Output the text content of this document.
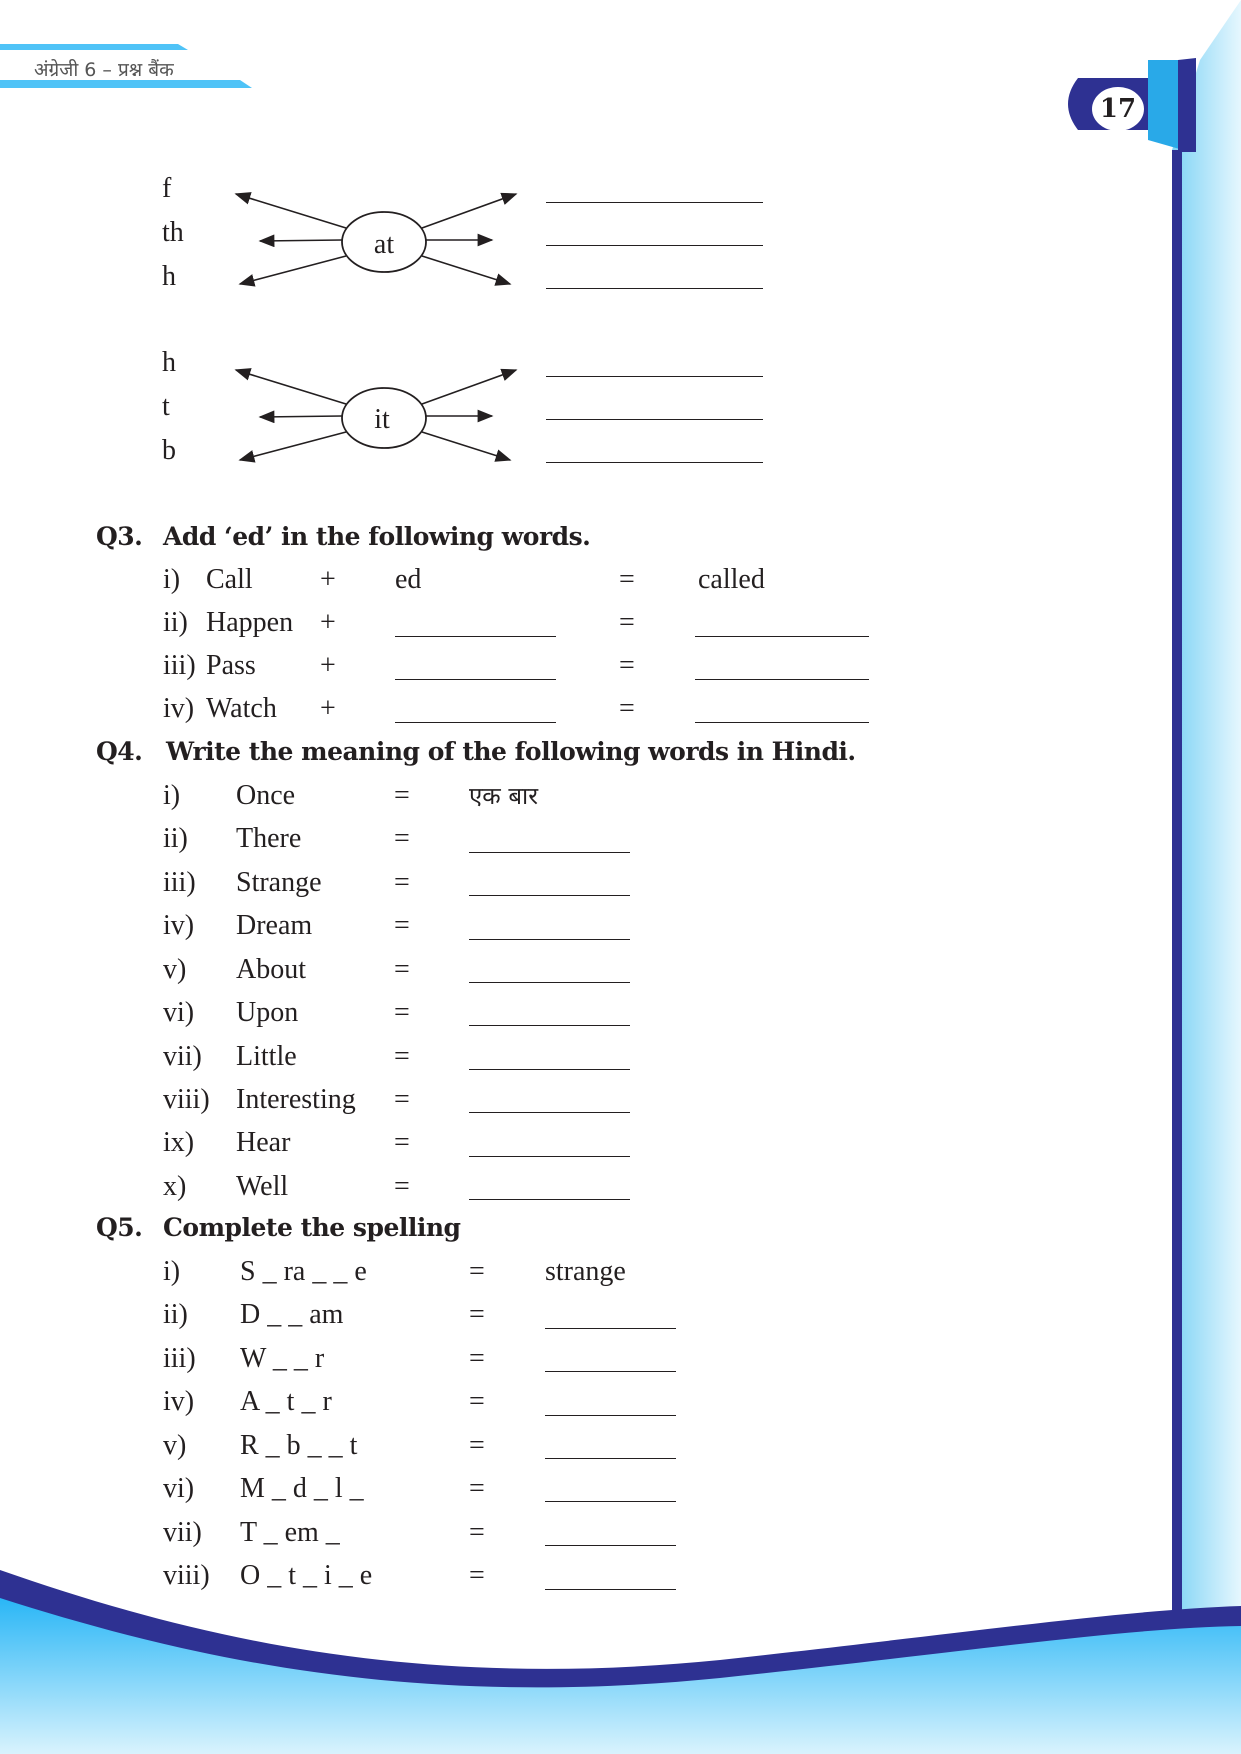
अंग्रेजी 6 – प्रश्न बैंक
17
f
th
h
at
h
t
b
it
Q3. Add ‘ed’ in the following words.
i) Call + ed	= called
ii) Happen +	=
iii) Pass +	=
iv) Watch +	=
Q4. Write the meaning of the following words in Hindi.
i) Once	= एक बार
ii) There	=
iii) Strange	=
iv) Dream	=
v) About	=
vi) Upon	=
vii) Little	=
viii) Interesting =
ix) Hear	=
x) Well	=
Q5. Complete the spelling
i) S _ ra _ _ e	= strange
ii) D _ _ am	=
iii) W _ _ r	=
iv) A _ t _ r	=
v) R _ b _ _ t	=
vi) M _ d _ l _	=
vii) T _ em _	=
viii) O _ t _ i _ e	=
